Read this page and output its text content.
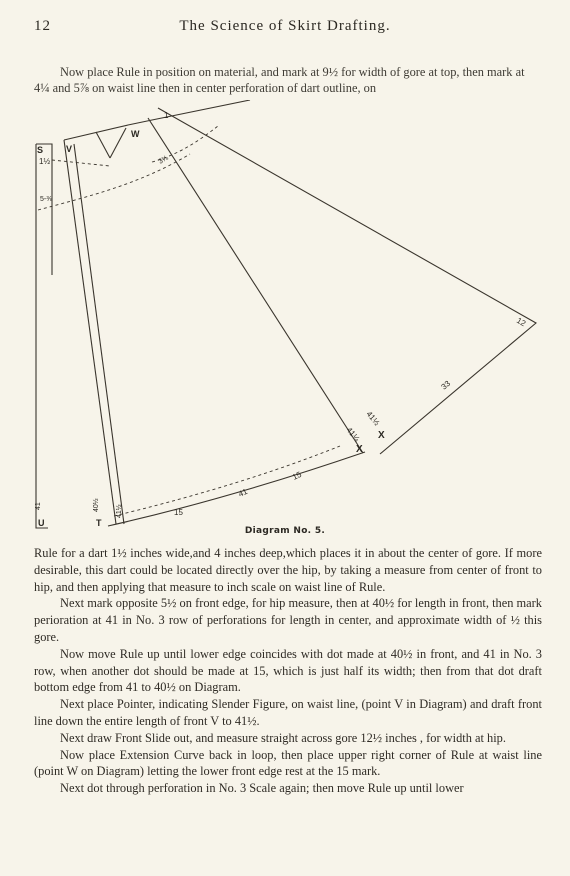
12	The Science of Skirt Drafting.

Now place Rule in position on material, and mark at 9½ for width of gore at top, then mark at 4¼ and 5⅞ on waist line then in center perforation of dart outline, on

S
1½
V
W
1
3⅛
5-⅜
12
33
41½
X
41¼
X
15
41
15
U
41
T
40½ 41½
Diagram No. 5.

Rule for a dart 1½ inches wide,and 4 inches deep,which places it in about the center of gore. If more desirable, this dart could be located directly over the hip, by taking a measure from center of front to hip, and then applying that measure to inch scale on waist line of Rule.

Next mark opposite 5½ on front edge, for hip measure, then at 40½ for length in front, then mark perioration at 41 in No. 3 row of perforations for length in center, and approximate width of ½ this gore.

Now move Rule up until lower edge coincides with dot made at 40½ in front, and 41 in No. 3 row, when another dot should be made at 15, which is just half its width; then from that dot draft bottom edge from 41 to 40½ on Diagram.

Next place Pointer, indicating Slender Figure, on waist line, (point V in Diagram) and draft front line down the entire length of front V to 41½.

Next draw Front Slide out, and measure straight across gore 12½ inches , for width at hip.

Now place Extension Curve back in loop, then place upper right corner of Rule at waist line (point W on Diagram) letting the lower front edge rest at the 15 mark.

Next dot through perforation in No. 3 Scale again; then move Rule up until lower
